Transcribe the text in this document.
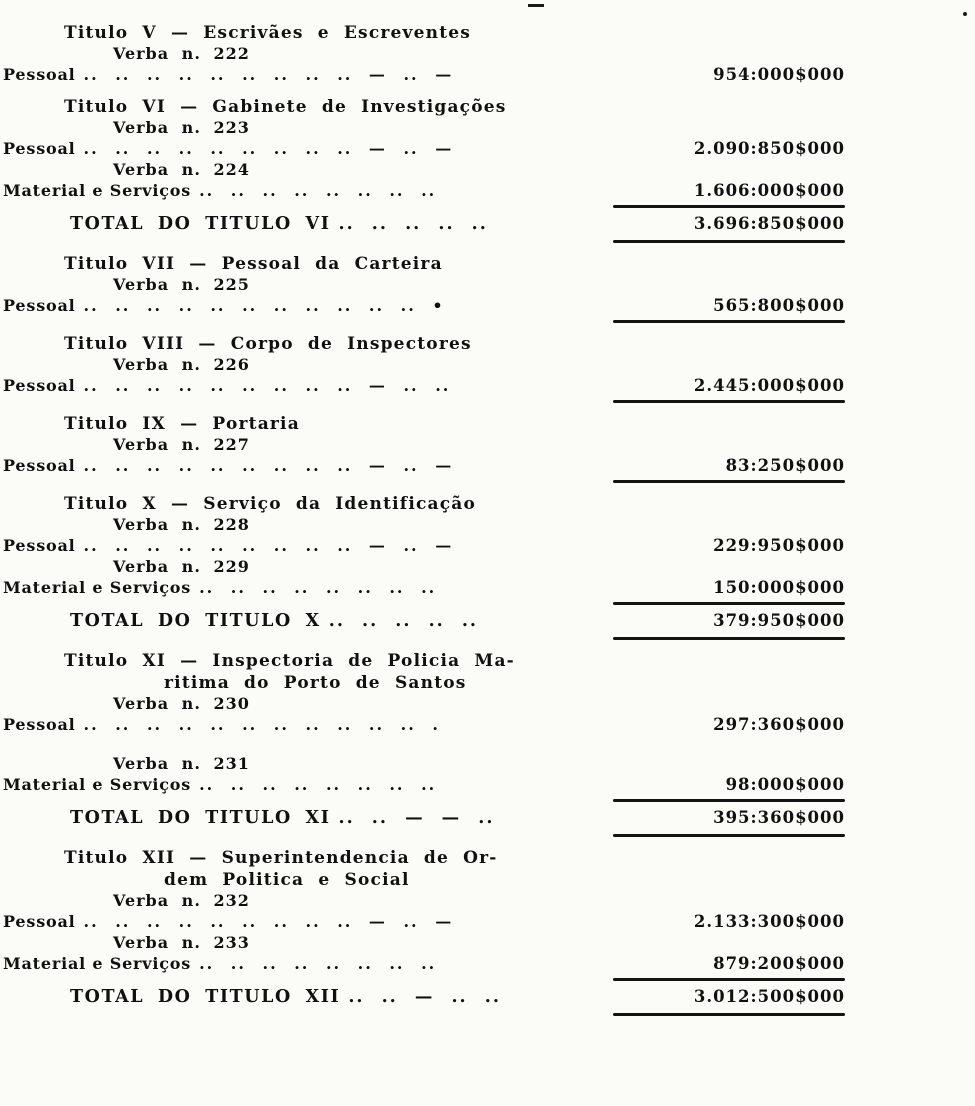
Titulo V — Escrivães e Escreventes
Verba n. 222
Pessoal .. .. .. .. .. .. .. .. .. — .. —	954:000$000
Titulo VI — Gabinete de Investigações
Verba n. 223
Pessoal .. .. .. .. .. .. .. .. .. — .. —	2.090:850$000
Verba n. 224
Material e Serviços .. .. .. .. .. .. .. ..	1.606:000$000
TOTAL DO TITULO VI .. .. .. .. ..	3.696:850$000
Titulo VII — Pessoal da Carteira
Verba n. 225
Pessoal .. .. .. .. .. .. .. .. .. .. .. •	565:800$000
Titulo VIII — Corpo de Inspectores
Verba n. 226
Pessoal .. .. .. .. .. .. .. .. .. — .. ..	2.445:000$000
Titulo IX — Portaria
Verba n. 227
Pessoal .. .. .. .. .. .. .. .. .. — .. —	83:250$000
Titulo X — Serviço da Identificação
Verba n. 228
Pessoal .. .. .. .. .. .. .. .. .. — .. —	229:950$000
Verba n. 229
Material e Serviços .. .. .. .. .. .. .. ..	150:000$000
TOTAL DO TITULO X .. .. .. .. ..	379:950$000
Titulo XI — Inspectoria de Policia Ma-
ritima do Porto de Santos
Verba n. 230
Pessoal .. .. .. .. .. .. .. .. .. .. .. .	297:360$000
Verba n. 231
Material e Serviços .. .. .. .. .. .. .. ..	98:000$000
TOTAL DO TITULO XI .. .. — — ..	395:360$000
Titulo XII — Superintendencia de Or-
dem Politica e Social
Verba n. 232
Pessoal .. .. .. .. .. .. .. .. .. — .. —	2.133:300$000
Verba n. 233
Material e Serviços .. .. .. .. .. .. .. ..	879:200$000
TOTAL DO TITULO XII .. .. — .. ..	3.012:500$000
